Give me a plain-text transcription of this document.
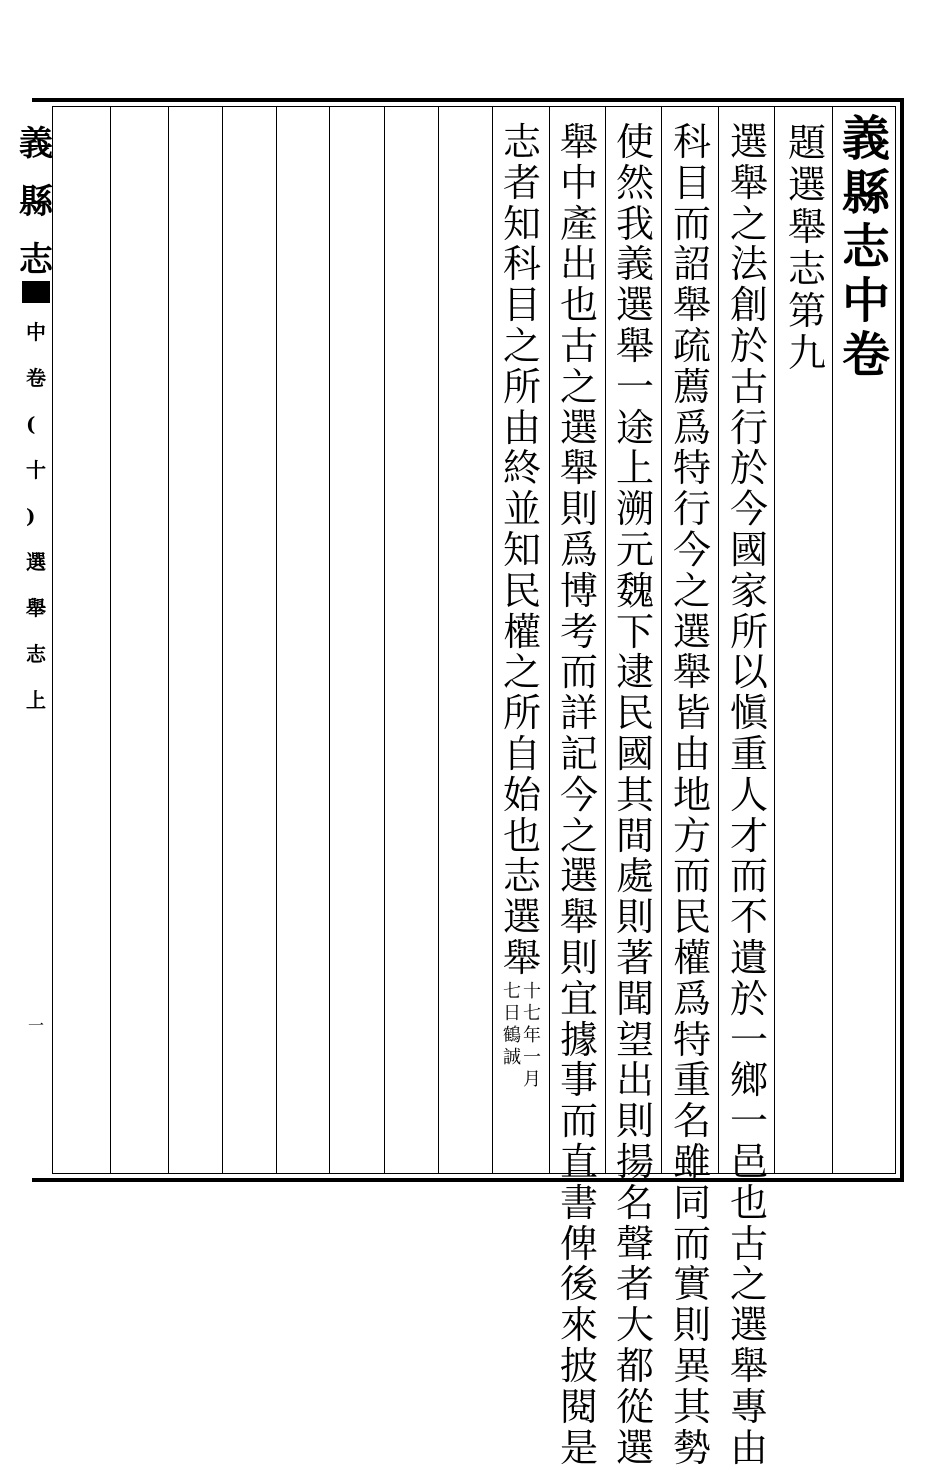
義
縣
志
中
卷
(
十
)
選
舉
志
上
一
義
縣
志
中
卷
題
選
舉
志
第
九
選
舉
之
法
創
於
古
行
於
今
國
家
所
以
愼
重
人
才
而
不
遺
於
一
鄉
一
邑
也
古
之
選
舉
專
由
科
目
而
詔
舉
疏
薦
爲
特
行
今
之
選
舉
皆
由
地
方
而
民
權
爲
特
重
名
雖
同
而
實
則
異
其
勢
使
然
我
義
選
舉
一
途
上
溯
元
魏
下
逮
民
國
其
間
處
則
著
聞
望
出
則
揚
名
聲
者
大
都
從
選
舉
中
產
出
也
古
之
選
舉
則
爲
博
考
而
詳
記
今
之
選
舉
則
宜
據
事
而
直
書
俾
後
來
披
閱
是
志
者
知
科
目
之
所
由
終
並
知
民
權
之
所
自
始
也
志
選
舉
十
七
年
一
月
七
日
鶴
誠
